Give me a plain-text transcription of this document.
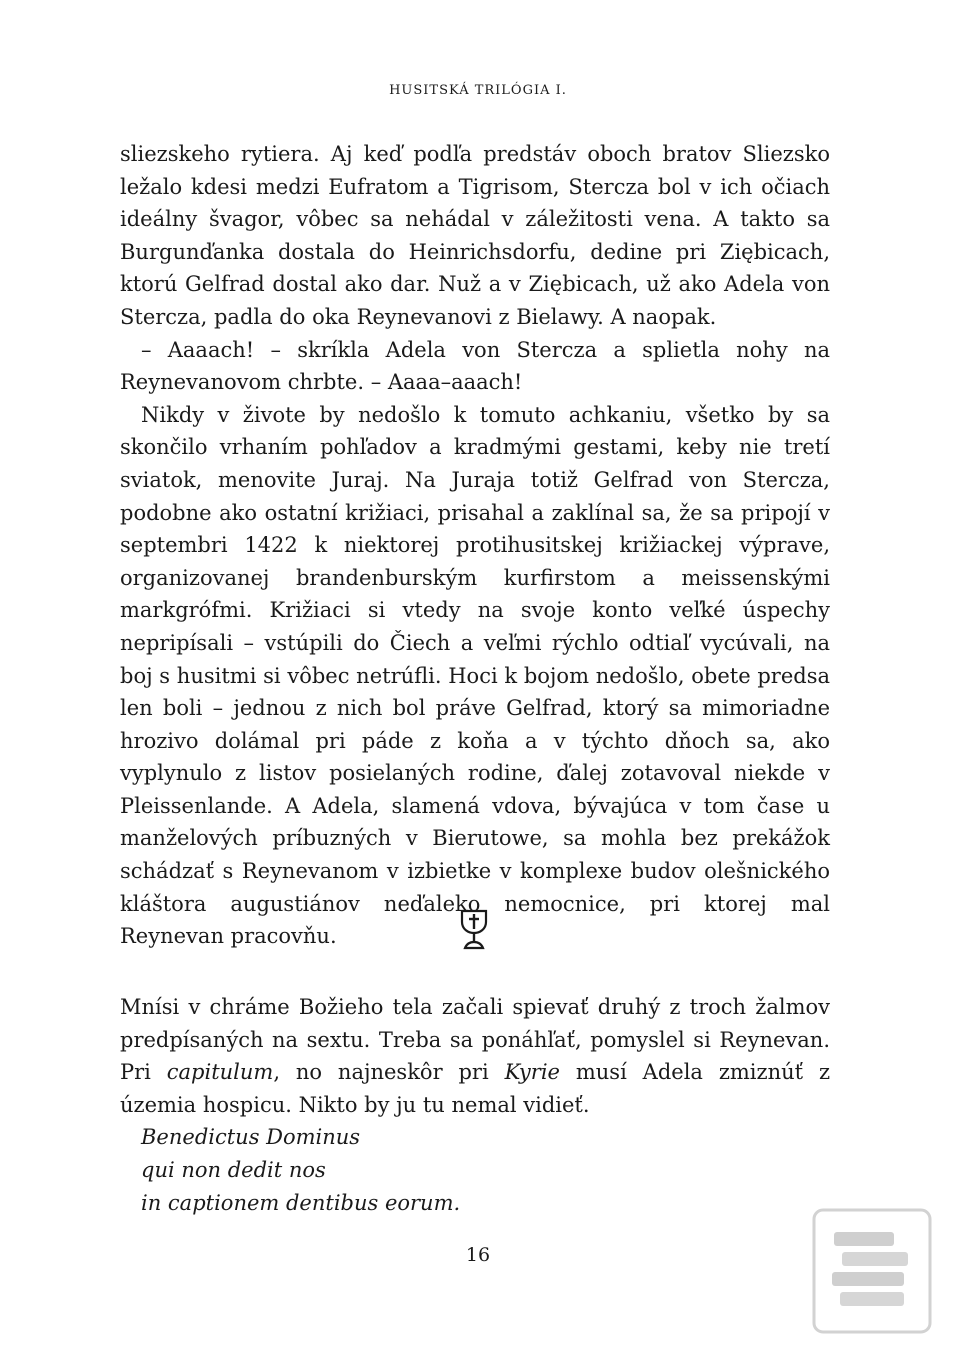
HUSITSKÁ TRILÓGIA I.

sliezskeho rytiera. Aj keď podľa predstáv oboch bratov Sliezsko ležalo kdesi medzi Eufratom a Tigrisom, Stercza bol v ich očiach ideálny švagor, vôbec sa nehádal v záležitosti vena. A takto sa Burgunďanka dostala do Heinrichsdorfu, dedine pri Ziębicach, ktorú Gelfrad dostal ako dar. Nuž a v Ziębicach, už ako Adela von Stercza, padla do oka Reynevanovi z Bielawy. A naopak.

– Aaaach! – skríkla Adela von Stercza a splietla nohy na Reynevanovom chrbte. – Aaaa–aaach!

Nikdy v živote by nedošlo k tomuto achkaniu, všetko by sa skončilo vrhaním pohľadov a kradmými gestami, keby nie tretí sviatok, menovite Juraj. Na Juraja totiž Gelfrad von Stercza, podobne ako ostatní križiaci, prisahal a zaklínal sa, že sa pripojí v septembri 1422 k niektorej protihusitskej križiackej výprave, organizovanej brandenburským kurfirstom a meissenskými markgrófmi. Križiaci si vtedy na svoje konto veľké úspechy nepripísali – vstúpili do Čiech a veľmi rýchlo odtiaľ vycúvali, na boj s husitmi si vôbec netrúfli. Hoci k bojom nedošlo, obete predsa len boli – jednou z nich bol práve Gelfrad, ktorý sa mimoriadne hrozivo dolámal pri páde z koňa a v týchto dňoch sa, ako vyplynulo z listov posielaných rodine, ďalej zotavoval niekde v Pleissenlande. A Adela, slamená vdova, bývajúca v tom čase u manželových príbuzných v Bierutowe, sa mohla bez prekážok schádzať s Reynevanom v izbietke v komplexe budov olešnického kláštora augustiánov neďaleko nemocnice, pri ktorej mal Reynevan pracovňu.

Mnísi v chráme Božieho tela začali spievať druhý z troch žalmov predpísaných na sextu. Treba sa ponáhľať, pomyslel si Reynevan. Pri capitulum, no najneskôr pri Kyrie musí Adela zmiznúť z územia hospicu. Nikto by ju tu nemal vidieť.

Benedictus Dominus

qui non dedit nos

in captionem dentibus eorum.

16
